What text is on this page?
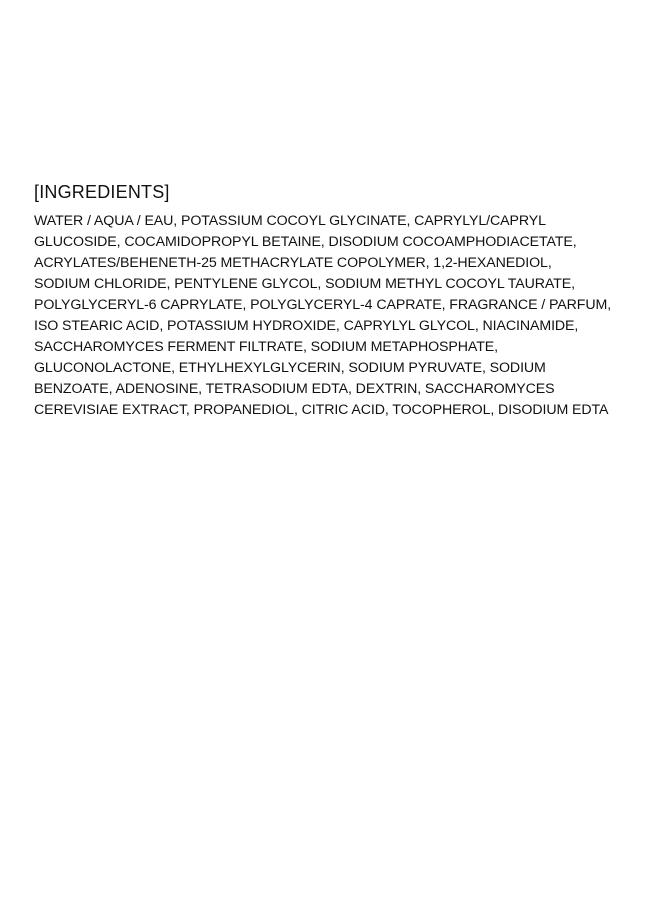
[INGREDIENTS]
WATER / AQUA / EAU, POTASSIUM COCOYL GLYCINATE, CAPRYLYL/CAPRYL
GLUCOSIDE, COCAMIDOPROPYL BETAINE, DISODIUM COCOAMPHODIACETATE,
ACRYLATES/BEHENETH-25 METHACRYLATE COPOLYMER, 1,2-HEXANEDIOL,
SODIUM CHLORIDE, PENTYLENE GLYCOL, SODIUM METHYL COCOYL TAURATE,
POLYGLYCERYL-6 CAPRYLATE, POLYGLYCERYL-4 CAPRATE, FRAGRANCE / PARFUM,
ISO STEARIC ACID, POTASSIUM HYDROXIDE, CAPRYLYL GLYCOL, NIACINAMIDE,
SACCHAROMYCES FERMENT FILTRATE, SODIUM METAPHOSPHATE,
GLUCONOLACTONE, ETHYLHEXYLGLYCERIN, SODIUM PYRUVATE, SODIUM
BENZOATE, ADENOSINE, TETRASODIUM EDTA, DEXTRIN, SACCHAROMYCES
CEREVISIAE EXTRACT, PROPANEDIOL, CITRIC ACID, TOCOPHEROL, DISODIUM EDTA
